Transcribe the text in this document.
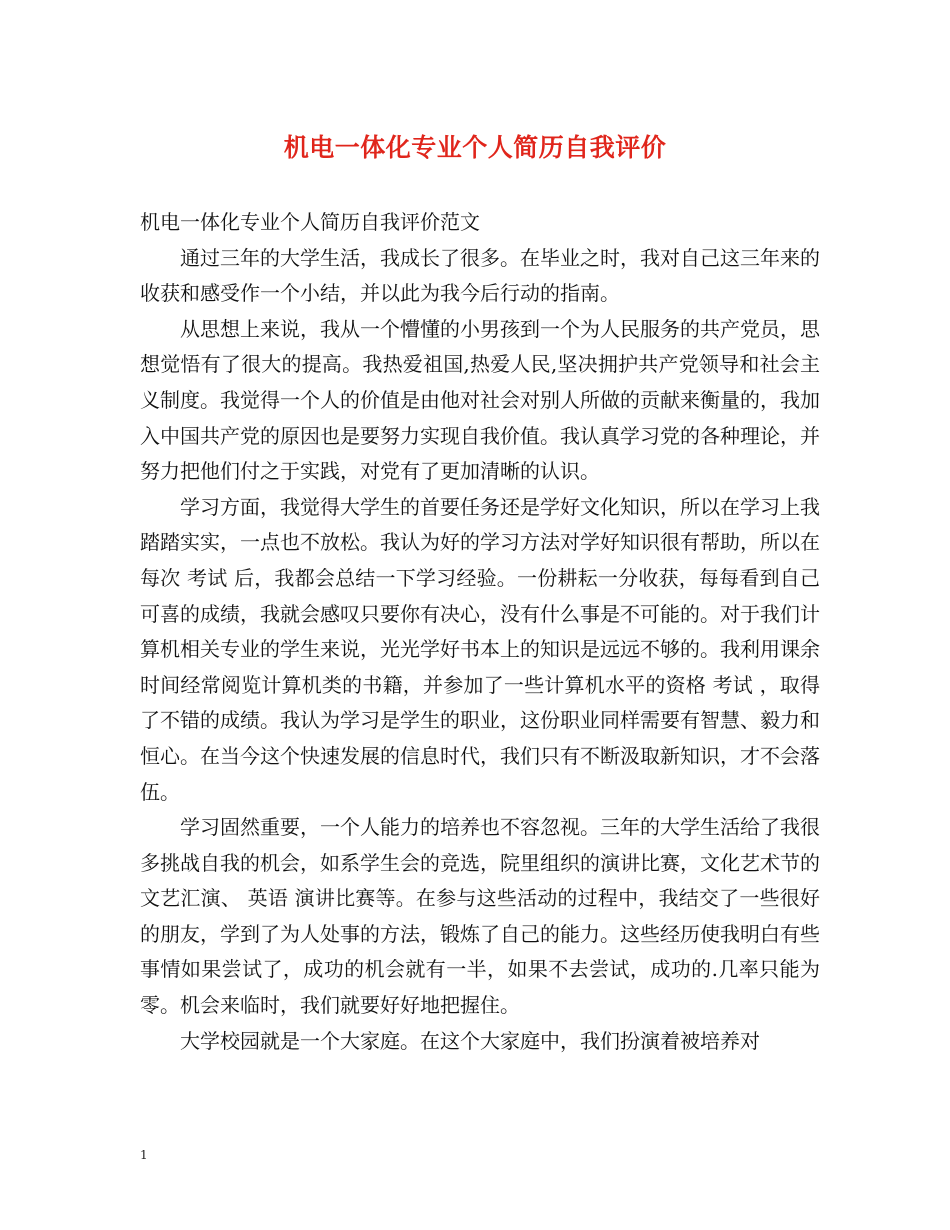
机电一体化专业个人简历自我评价

机电一体化专业个人简历自我评价范文

通过三年的大学生活，我成长了很多。在毕业之时，我对自己这三年来的收获和感受作一个小结，并以此为我今后行动的指南。

从思想上来说，我从一个懵懂的小男孩到一个为人民服务的共产党员，思想觉悟有了很大的提高。我热爱祖国,热爱人民,坚决拥护共产党领导和社会主义制度。我觉得一个人的价值是由他对社会对别人所做的贡献来衡量的，我加入中国共产党的原因也是要努力实现自我价值。我认真学习党的各种理论，并努力把他们付之于实践，对党有了更加清晰的认识。

学习方面，我觉得大学生的首要任务还是学好文化知识，所以在学习上我踏踏实实，一点也不放松。我认为好的学习方法对学好知识很有帮助，所以在每次 考试 后，我都会总结一下学习经验。一份耕耘一分收获，每每看到自己可喜的成绩，我就会感叹只要你有决心，没有什么事是不可能的。对于我们计算机相关专业的学生来说，光光学好书本上的知识是远远不够的。我利用课余时间经常阅览计算机类的书籍，并参加了一些计算机水平的资格 考试 ，取得了不错的成绩。我认为学习是学生的职业，这份职业同样需要有智慧、毅力和恒心。在当今这个快速发展的信息时代，我们只有不断汲取新知识，才不会落伍。

学习固然重要，一个人能力的培养也不容忽视。三年的大学生活给了我很多挑战自我的机会，如系学生会的竞选，院里组织的演讲比赛，文化艺术节的文艺汇演、 英语 演讲比赛等。在参与这些活动的过程中，我结交了一些很好的朋友，学到了为人处事的方法，锻炼了自己的能力。这些经历使我明白有些事情如果尝试了，成功的机会就有一半，如果不去尝试，成功的.几率只能为零。机会来临时，我们就要好好地把握住。

大学校园就是一个大家庭。在这个大家庭中，我们扮演着被培养对

1
